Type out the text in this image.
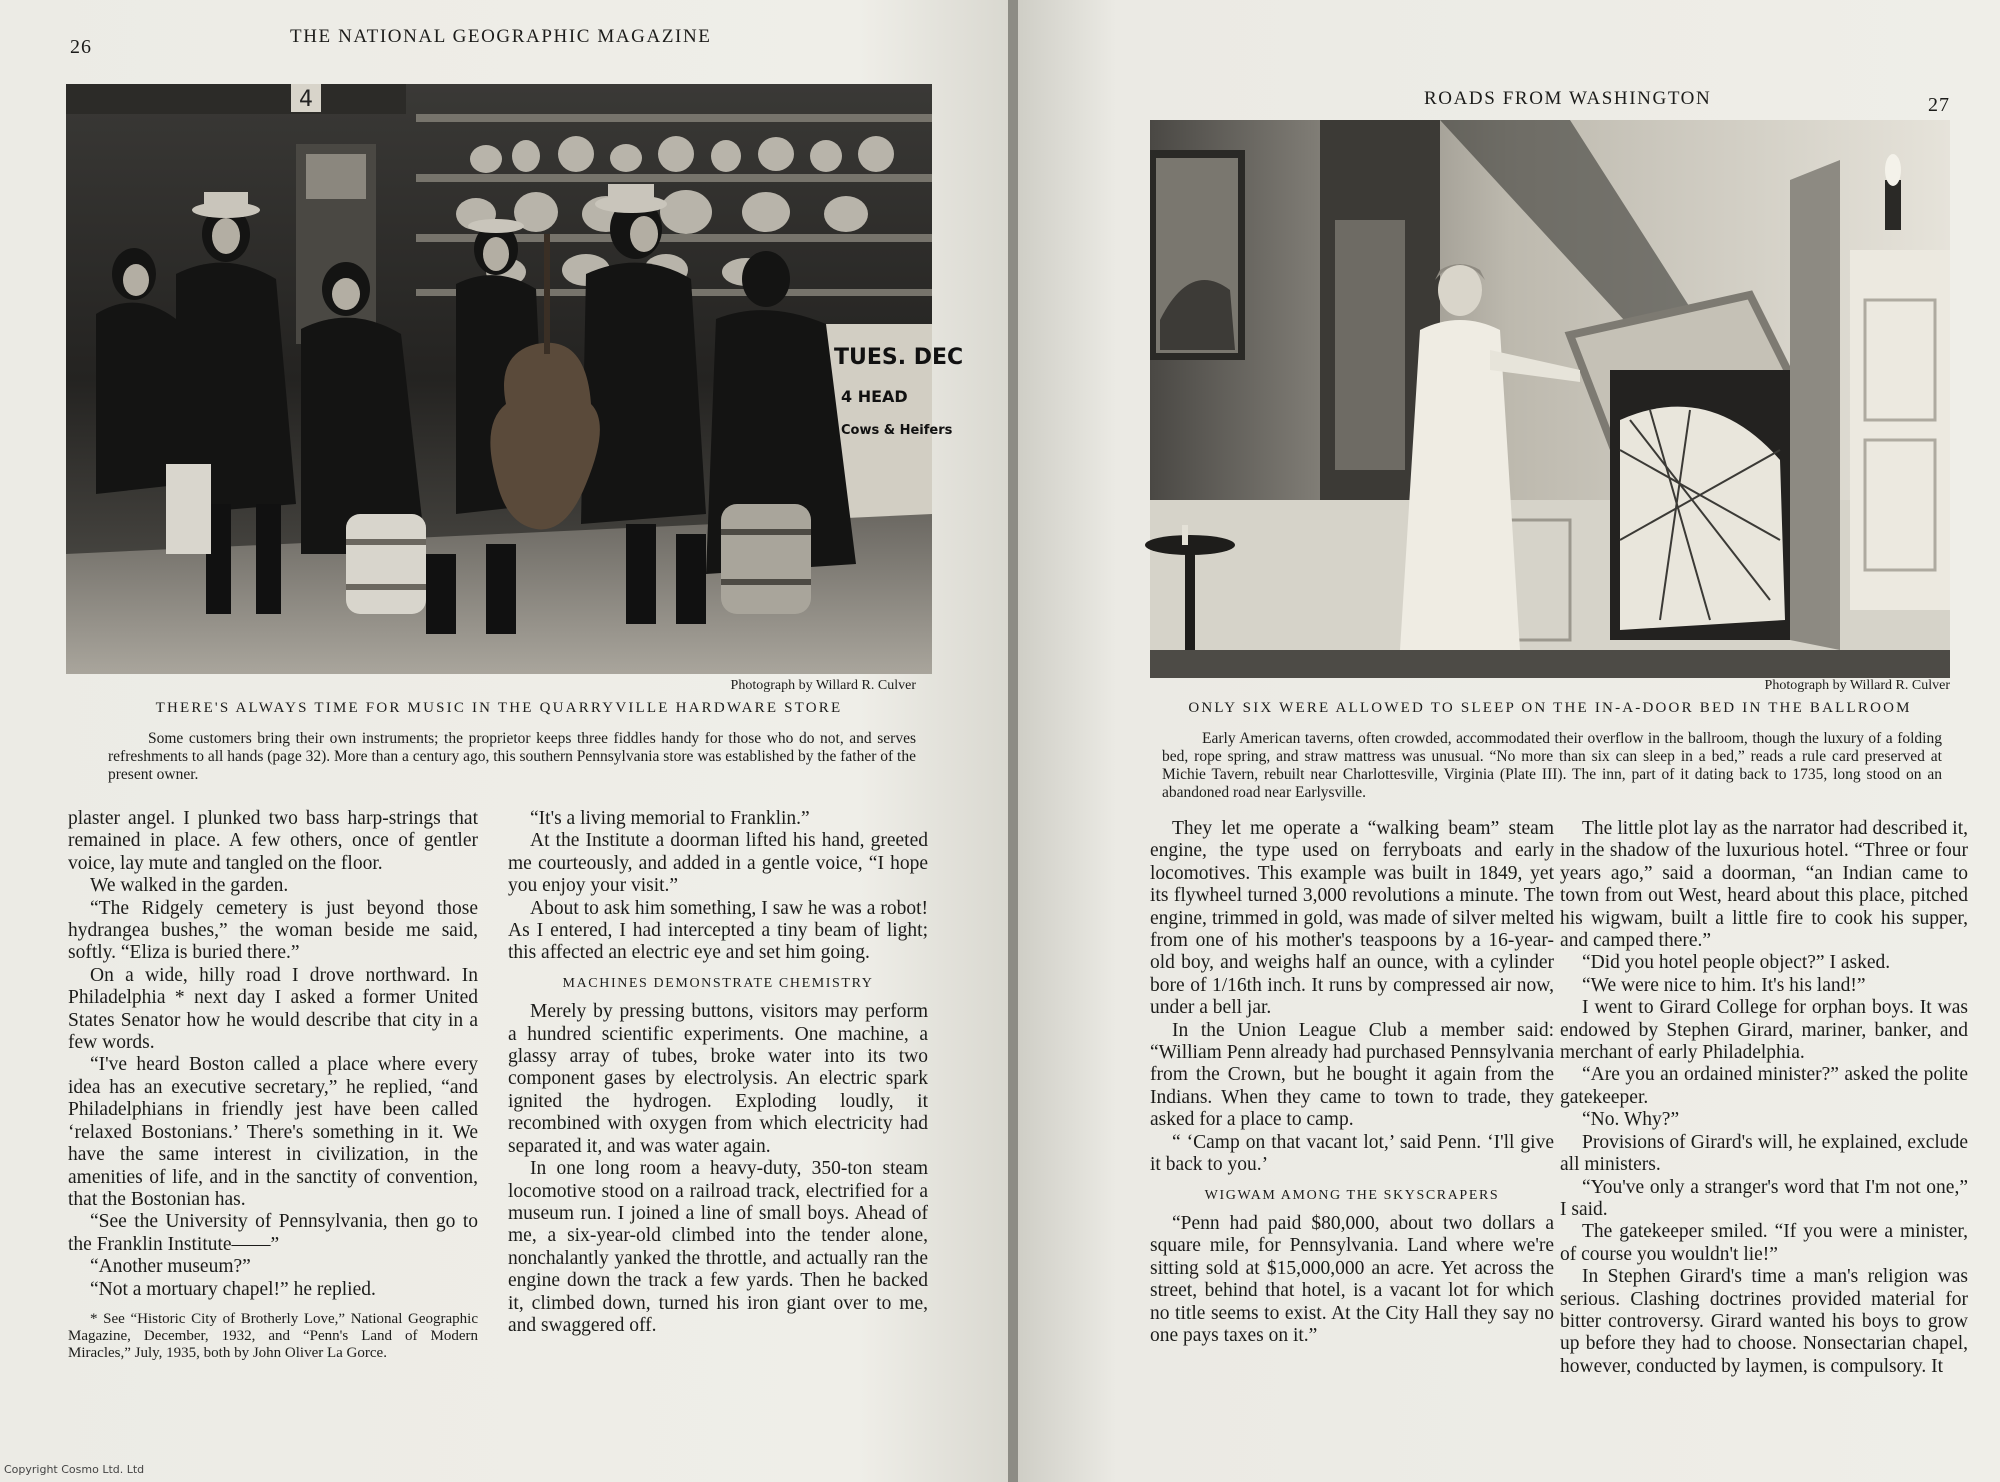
26	THE NATIONAL GEOGRAPHIC MAGAZINE
4
TUES. DEC
4 HEAD
Cows & Heifers
Photograph by Willard R. Culver
THERE'S ALWAYS TIME FOR MUSIC IN THE QUARRYVILLE HARDWARE STORE
Some customers bring their own instruments; the proprietor keeps three fiddles handy for those who do not, and serves refreshments to all hands (page 32). More than a century ago, this southern Pennsylvania store was established by the father of the present owner.

plaster angel. I plunked two bass harp-strings that remained in place. A few others, once of gentler voice, lay mute and tangled on the floor.

We walked in the garden.

“The Ridgely cemetery is just beyond those hydrangea bushes,” the woman beside me said, softly. “Eliza is buried there.”

On a wide, hilly road I drove northward. In Philadelphia * next day I asked a former United States Senator how he would describe that city in a few words.

“I've heard Boston called a place where every idea has an executive secretary,” he replied, “and Philadelphians in friendly jest have been called ‘relaxed Bostonians.’ There's something in it. We have the same interest in civilization, in the amenities of life, and in the sanctity of convention, that the Bostonian has.

“See the University of Pennsylvania, then go to the Franklin Institute——”

“Another museum?”

“Not a mortuary chapel!” he replied.

* See “Historic City of Brotherly Love,” National Geographic Magazine, December, 1932, and “Penn's Land of Modern Miracles,” July, 1935, both by John Oliver La Gorce.

“It's a living memorial to Franklin.”

At the Institute a doorman lifted his hand, greeted me courteously, and added in a gentle voice, “I hope you enjoy your visit.”

About to ask him something, I saw he was a robot! As I entered, I had intercepted a tiny beam of light; this affected an electric eye and set him going.

MACHINES DEMONSTRATE CHEMISTRY

Merely by pressing buttons, visitors may perform a hundred scientific experiments. One machine, a glassy array of tubes, broke water into its two component gases by electrolysis. An electric spark ignited the hydrogen. Exploding loudly, it recombined with oxygen from which electricity had separated it, and was water again.

In one long room a heavy-duty, 350-ton steam locomotive stood on a railroad track, electrified for a museum run. I joined a line of small boys. Ahead of me, a six-year-old climbed into the tender alone, nonchalantly yanked the throttle, and actually ran the engine down the track a few yards. Then he backed it, climbed down, turned his iron giant over to me, and swaggered off.

Copyright Cosmo Ltd. Ltd
ROADS FROM WASHINGTON	27
Photograph by Willard R. Culver
ONLY SIX WERE ALLOWED TO SLEEP ON THE IN-A-DOOR BED IN THE BALLROOM
Early American taverns, often crowded, accommodated their overflow in the ballroom, though the luxury of a folding bed, rope spring, and straw mattress was unusual. “No more than six can sleep in a bed,” reads a rule card preserved at Michie Tavern, rebuilt near Charlottesville, Virginia (Plate III). The inn, part of it dating back to 1735, long stood on an abandoned road near Earlysville.

They let me operate a “walking beam” steam engine, the type used on ferryboats and early locomotives. This example was built in 1849, yet its flywheel turned 3,000 revolutions a minute. The engine, trimmed in gold, was made of silver melted from one of his mother's teaspoons by a 16-year-old boy, and weighs half an ounce, with a cylinder bore of 1/16th inch. It runs by compressed air now, under a bell jar.

In the Union League Club a member said: “William Penn already had purchased Pennsylvania from the Crown, but he bought it again from the Indians. When they came to town to trade, they asked for a place to camp.

“ ‘Camp on that vacant lot,’ said Penn. ‘I'll give it back to you.’

WIGWAM AMONG THE SKYSCRAPERS

“Penn had paid $80,000, about two dollars a square mile, for Pennsylvania. Land where we're sitting sold at $15,000,000 an acre. Yet across the street, behind that hotel, is a vacant lot for which no title seems to exist. At the City Hall they say no one pays taxes on it.”

The little plot lay as the narrator had described it, in the shadow of the luxurious hotel. “Three or four years ago,” said a doorman, “an Indian came to town from out West, heard about this place, pitched his wigwam, built a little fire to cook his supper, and camped there.”

“Did you hotel people object?” I asked.

“We were nice to him. It's his land!”

I went to Girard College for orphan boys. It was endowed by Stephen Girard, mariner, banker, and merchant of early Philadelphia.

“Are you an ordained minister?” asked the polite gatekeeper.

“No. Why?”

Provisions of Girard's will, he explained, exclude all ministers.

“You've only a stranger's word that I'm not one,” I said.

The gatekeeper smiled. “If you were a minister, of course you wouldn't lie!”

In Stephen Girard's time a man's religion was serious. Clashing doctrines provided material for bitter controversy. Girard wanted his boys to grow up before they had to choose. Nonsectarian chapel, however, conducted by laymen, is compulsory. It
